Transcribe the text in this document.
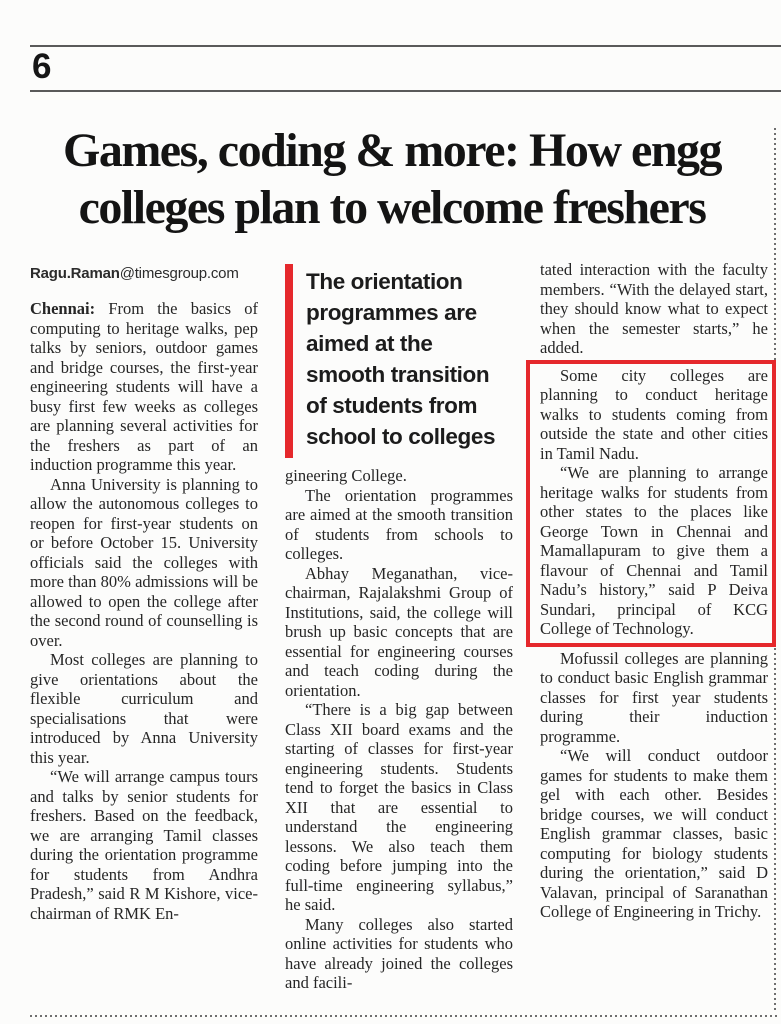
6
Games, coding & more: How engg
colleges plan to welcome freshers
Ragu.Raman@timesgroup.com

Chennai: From the basics of computing to heritage walks, pep talks by seniors, outdoor games and bridge courses, the first-year engineering students will have a busy first few weeks as colleges are planning several activities for the freshers as part of an induction programme this year.

Anna University is planning to allow the autonomous colleges to reopen for first-year students on or before October 15. University officials said the colleges with more than 80% admissions will be allowed to open the college after the second round of counselling is over.

Most colleges are planning to give orientations about the flexible curriculum and specialisations that were introduced by Anna University this year.

“We will arrange campus tours and talks by senior students for freshers. Based on the feedback, we are arranging Tamil classes during the orientation programme for students from Andhra Pradesh,” said R M Kishore, vice-chairman of RMK En-

The orientation programmes are aimed at the smooth transition of students from school to colleges

gineering College.

The orientation programmes are aimed at the smooth transition of students from schools to colleges.

Abhay Meganathan, vice-chairman, Rajalakshmi Group of Institutions, said, the college will brush up basic concepts that are essential for engineering courses and teach coding during the orientation.

“There is a big gap between Class XII board exams and the starting of classes for first-year engineering students. Students tend to forget the basics in Class XII that are essential to understand the engineering lessons. We also teach them coding before jumping into the full-time engineering syllabus,” he said.

Many colleges also started online activities for students who have already joined the colleges and facili-

tated interaction with the faculty members. “With the delayed start, they should know what to expect when the semester starts,” he added.

Some city colleges are planning to conduct heritage walks to students coming from outside the state and other cities in Tamil Nadu.

“We are planning to arrange heritage walks for students from other states to the places like George Town in Chennai and Mamallapuram to give them a flavour of Chennai and Tamil Nadu’s history,” said P Deiva Sundari, principal of KCG College of Technology.

Mofussil colleges are planning to conduct basic English grammar classes for first year students during their induction programme.

“We will conduct outdoor games for students to make them gel with each other. Besides bridge courses, we will conduct English grammar classes, basic computing for biology students during the orientation,” said D Valavan, principal of Saranathan College of Engineering in Trichy.
